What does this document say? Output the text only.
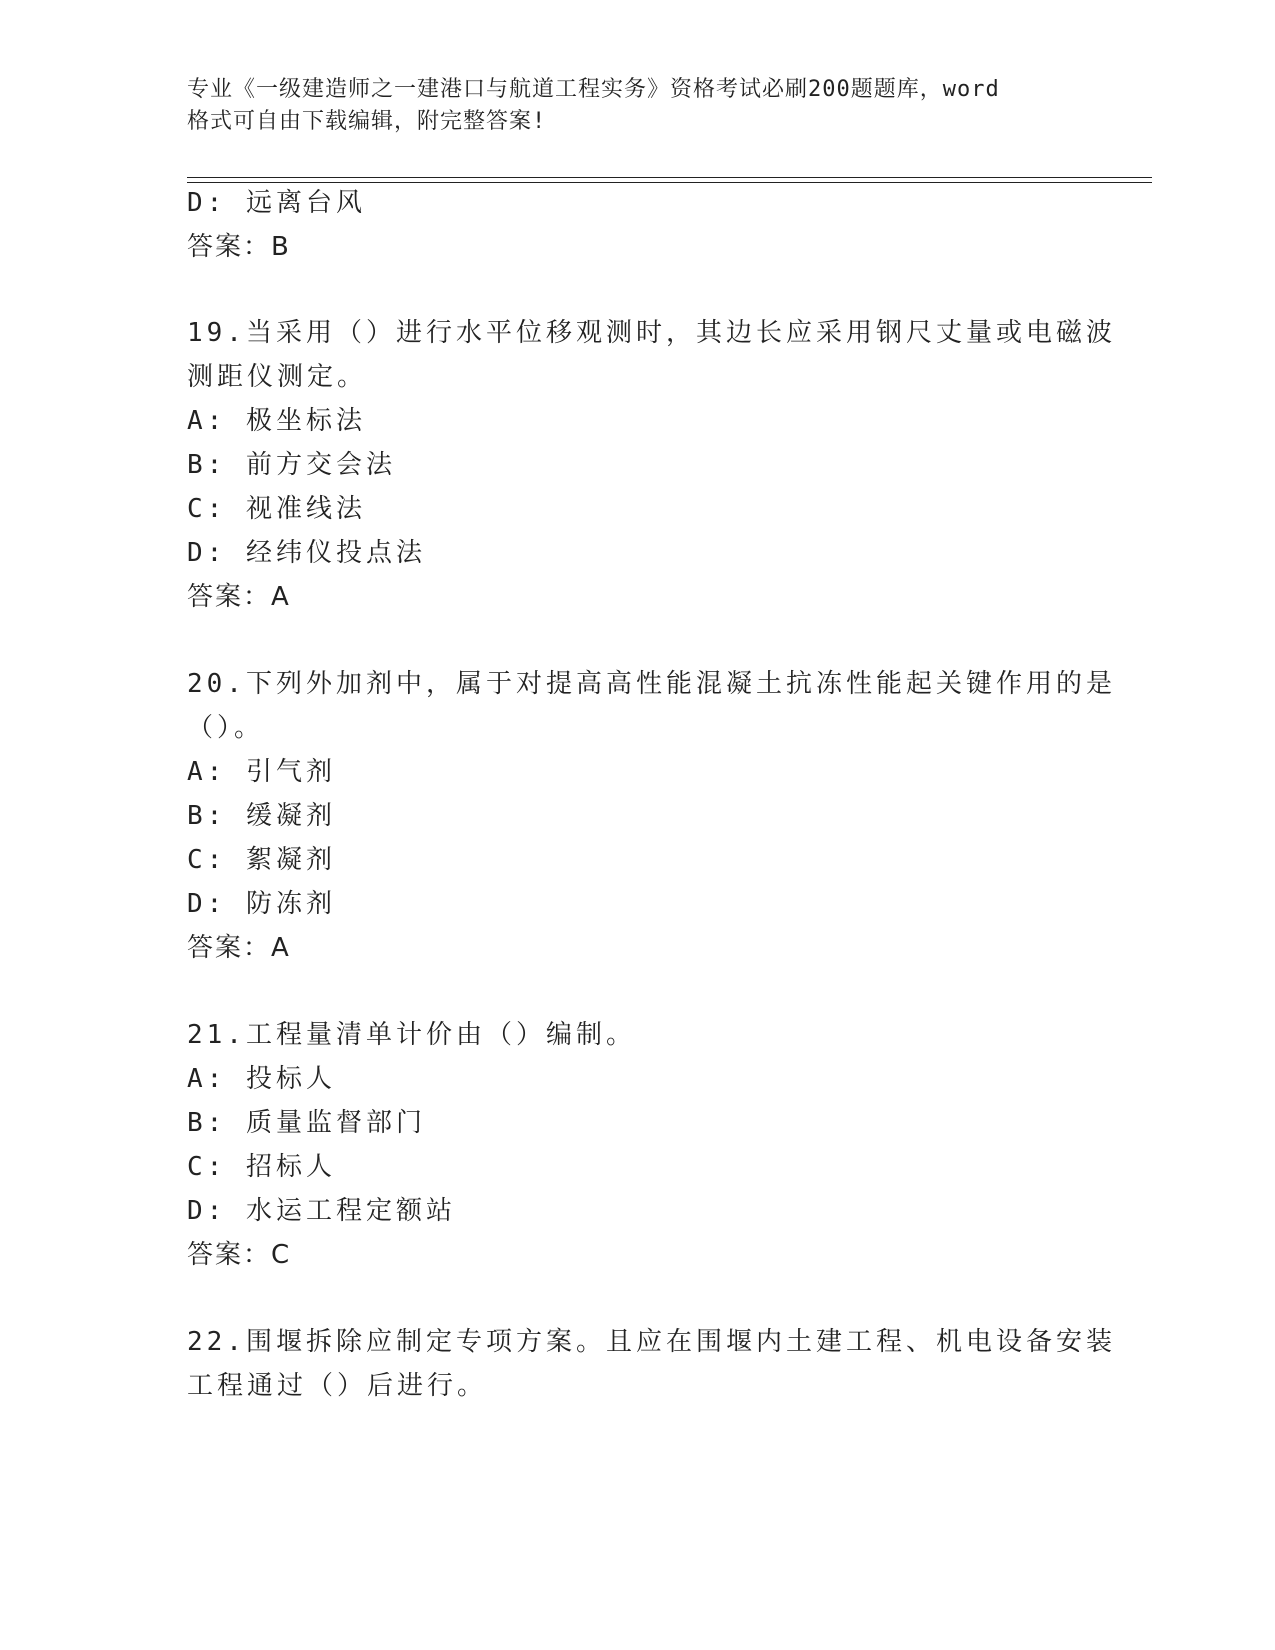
专业《一级建造师之一建港口与航道工程实务》资格考试必刷200题题库，word
格式可自由下载编辑，附完整答案!
D: 远离台风
答案：B
19.当采用（）进行水平位移观测时，其边长应采用钢尺丈量或电磁波
测距仪测定。
A: 极坐标法
B: 前方交会法
C: 视准线法
D: 经纬仪投点法
答案：A
20.下列外加剂中，属于对提高高性能混凝土抗冻性能起关键作用的是
（）。
A: 引气剂
B: 缓凝剂
C: 絮凝剂
D: 防冻剂
答案：A
21.工程量清单计价由（）编制。
A: 投标人
B: 质量监督部门
C: 招标人
D: 水运工程定额站
答案：C
22.围堰拆除应制定专项方案。且应在围堰内土建工程、机电设备安装
工程通过（）后进行。
